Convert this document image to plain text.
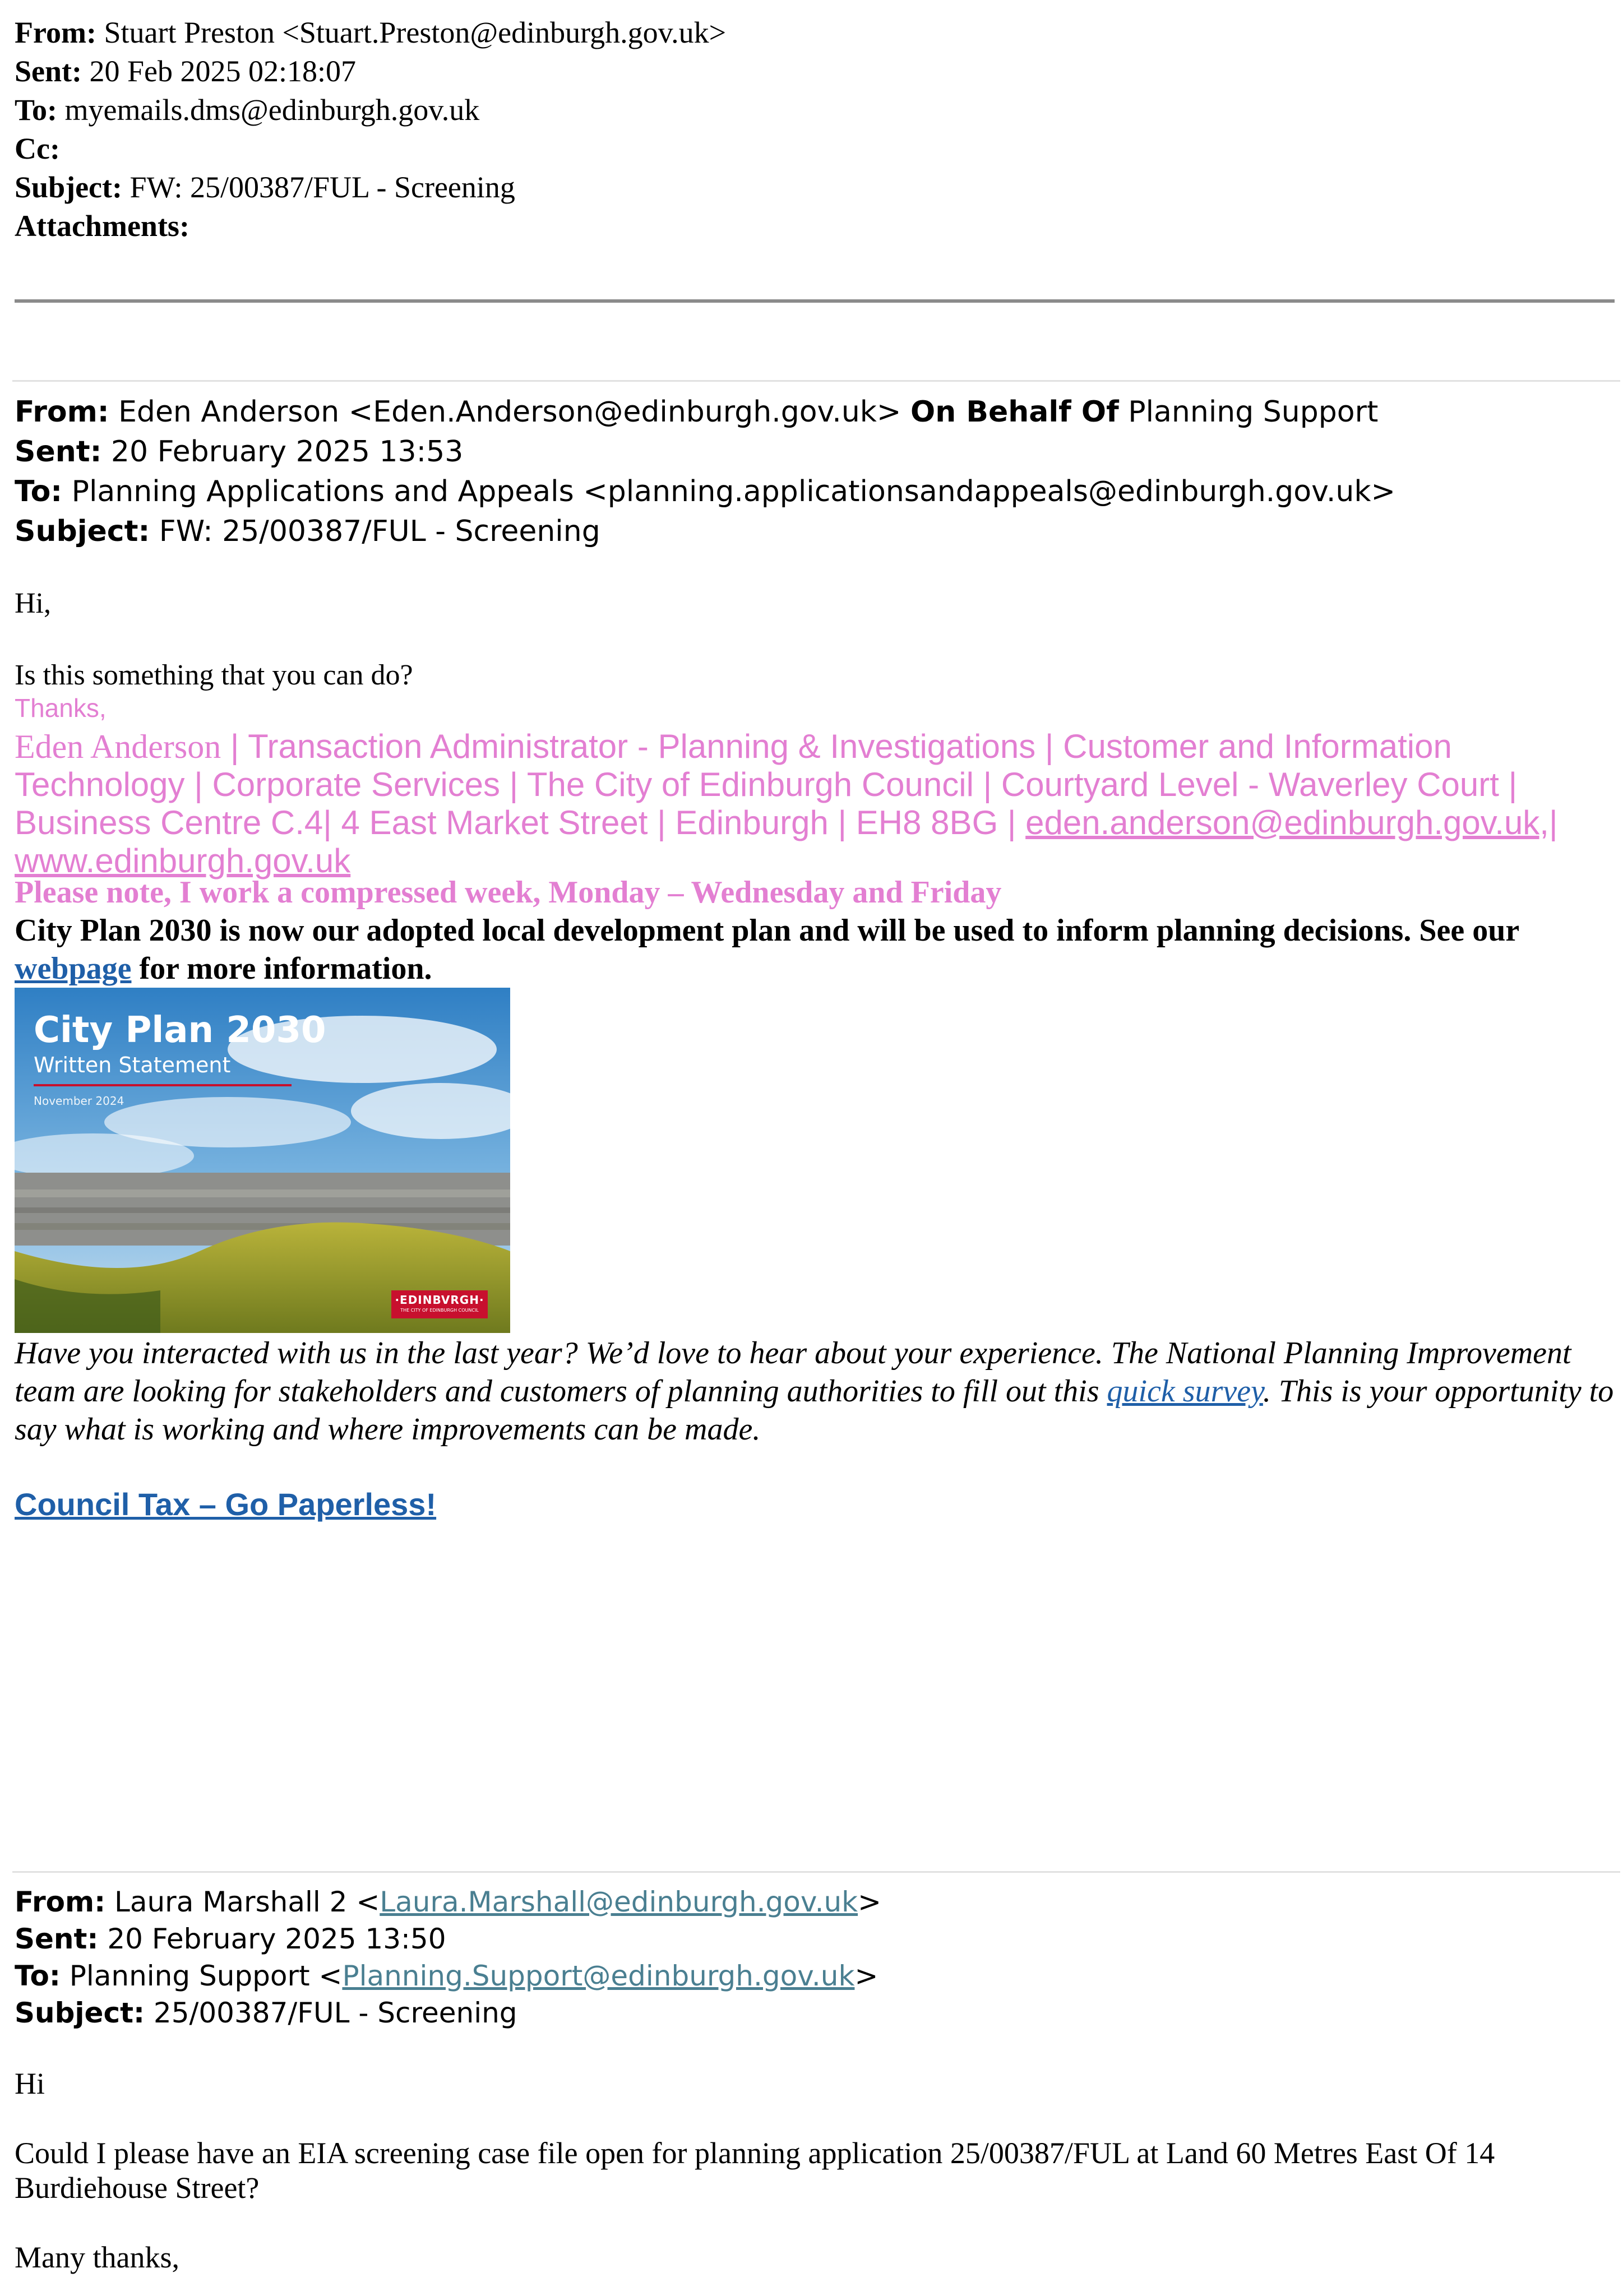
From: Stuart Preston <Stuart.Preston@edinburgh.gov.uk>
Sent: 20 Feb 2025 02:18:07
To: myemails.dms@edinburgh.gov.uk
Cc:
Subject: FW: 25/00387/FUL - Screening
Attachments:
From: Eden Anderson <Eden.Anderson@edinburgh.gov.uk> On Behalf Of Planning Support
Sent: 20 February 2025 13:53
To: Planning Applications and Appeals <planning.applicationsandappeals@edinburgh.gov.uk>
Subject: FW: 25/00387/FUL - Screening
Hi,
Is this something that you can do?
Thanks,
Eden Anderson | Transaction Administrator - Planning & Investigations | Customer and Information Technology | Corporate Services | The City of Edinburgh Council | Courtyard Level - Waverley Court | Business Centre C.4| 4 East Market Street | Edinburgh | EH8 8BG | eden.anderson@edinburgh.gov.uk,|
www.edinburgh.gov.uk
Please note, I work a compressed week, Monday – Wednesday and Friday
City Plan 2030 is now our adopted local development plan and will be used to inform planning decisions. See our webpage for more information.
City Plan 2030
Written Statement
November 2024
·EDINBVRGH·
THE CITY OF EDINBURGH COUNCIL
Have you interacted with us in the last year? We’d love to hear about your experience. The National Planning Improvement team are looking for stakeholders and customers of planning authorities to fill out this quick survey. This is your opportunity to say what is working and where improvements can be made.
Council Tax – Go Paperless!
From: Laura Marshall 2 <Laura.Marshall@edinburgh.gov.uk>
Sent: 20 February 2025 13:50
To: Planning Support <Planning.Support@edinburgh.gov.uk>
Subject: 25/00387/FUL - Screening
Hi
Could I please have an EIA screening case file open for planning application 25/00387/FUL at Land 60 Metres East Of 14 Burdiehouse Street?
Many thanks,
